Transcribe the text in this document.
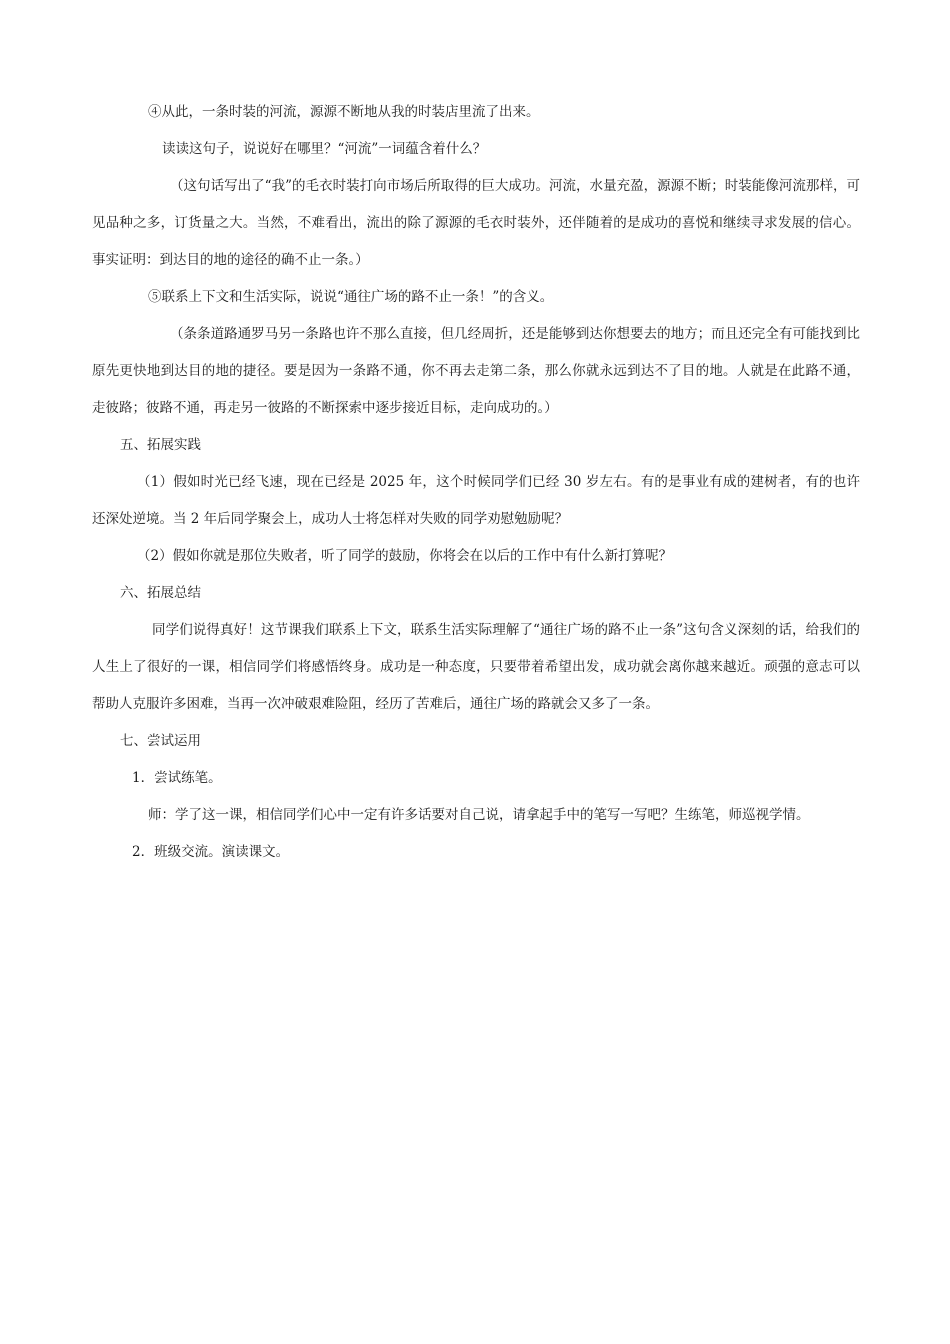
④从此，一条时装的河流，源源不断地从我的时装店里流了出来。
读读这句子，说说好在哪里？“河流”一词蕴含着什么？
（这句话写出了“我”的毛衣时装打向市场后所取得的巨大成功。河流，水量充盈，源源不断；时装能像河流那样，可见品种之多，订货量之大。当然，不难看出，流出的除了源源的毛衣时装外，还伴随着的是成功的喜悦和继续寻求发展的信心。事实证明：到达目的地的途径的确不止一条。）
⑤联系上下文和生活实际，说说“通往广场的路不止一条！”的含义。
（条条道路通罗马另一条路也许不那么直接，但几经周折，还是能够到达你想要去的地方；而且还完全有可能找到比原先更快地到达目的地的捷径。要是因为一条路不通，你不再去走第二条，那么你就永远到达不了目的地。人就是在此路不通，走彼路；彼路不通，再走另一彼路的不断探索中逐步接近目标，走向成功的。）
五、拓展实践
（1）假如时光已经飞速，现在已经是 2025 年，这个时候同学们已经 30 岁左右。有的是事业有成的建树者，有的也许还深处逆境。当 2 年后同学聚会上，成功人士将怎样对失败的同学劝慰勉励呢？
（2）假如你就是那位失败者，听了同学的鼓励，你将会在以后的工作中有什么新打算呢？
六、拓展总结
同学们说得真好！这节课我们联系上下文，联系生活实际理解了“通往广场的路不止一条”这句含义深刻的话，给我们的人生上了很好的一课，相信同学们将感悟终身。成功是一种态度，只要带着希望出发，成功就会离你越来越近。顽强的意志可以帮助人克服许多困难，当再一次冲破艰难险阻，经历了苦难后，通往广场的路就会又多了一条。
七、尝试运用
1．尝试练笔。
师：学了这一课，相信同学们心中一定有许多话要对自己说，请拿起手中的笔写一写吧？生练笔，师巡视学情。
2．班级交流。演读课文。
